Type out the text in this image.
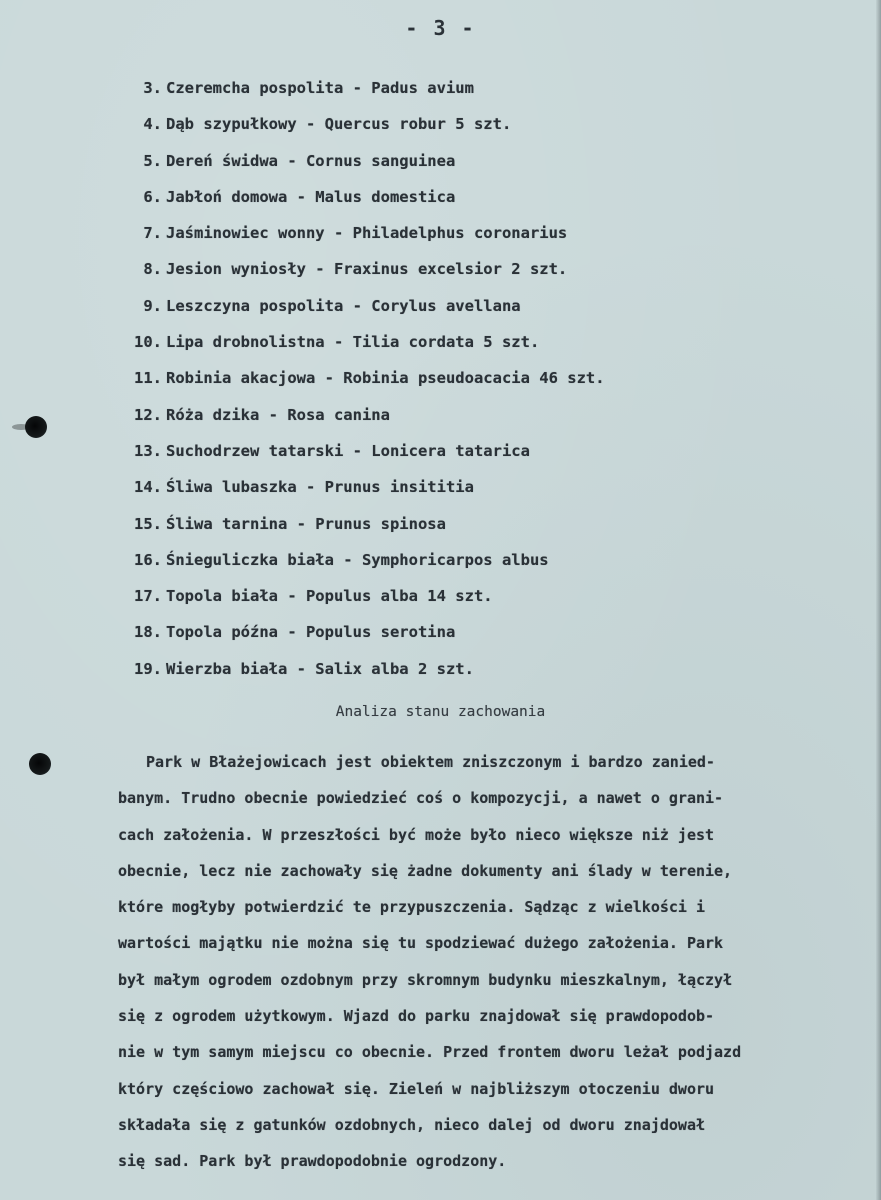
- 3 -
3. Czeremcha pospolita - Padus avium
4. Dąb szypułkowy - Quercus robur 5 szt.
5. Dereń świdwa - Cornus sanguinea
6. Jabłoń domowa - Malus domestica
7. Jaśminowiec wonny - Philadelphus coronarius
8. Jesion wyniosły - Fraxinus excelsior 2 szt.
9. Leszczyna pospolita - Corylus avellana
10. Lipa drobnolistna - Tilia cordata 5 szt.
11. Robinia akacjowa - Robinia pseudoacacia 46 szt.
12. Róża dzika - Rosa canina
13. Suchodrzew tatarski - Lonicera tatarica
14. Śliwa lubaszka - Prunus insititia
15. Śliwa tarnina - Prunus spinosa
16. Śnieguliczka biała - Symphoricarpos albus
17. Topola biała - Populus alba 14 szt.
18. Topola późna - Populus serotina
19. Wierzba biała - Salix alba 2 szt.
Analiza stanu zachowania
Park w Błażejowicach jest obiektem zniszczonym i bardzo zanied-
banym. Trudno obecnie powiedzieć coś o kompozycji, a nawet o grani-
cach założenia. W przeszłości być może było nieco większe niż jest
obecnie, lecz nie zachowały się żadne dokumenty ani ślady w terenie,
które mogłyby potwierdzić te przypuszczenia. Sądząc z wielkości i
wartości majątku nie można się tu spodziewać dużego założenia. Park
był małym ogrodem ozdobnym przy skromnym budynku mieszkalnym, łączył
się z ogrodem użytkowym. Wjazd do parku znajdował się prawdopodob-
nie w tym samym miejscu co obecnie. Przed frontem dworu leżał podjazd
który częściowo zachował się. Zieleń w najbliższym otoczeniu dworu
składała się z gatunków ozdobnych, nieco dalej od dworu znajdował
się sad. Park był prawdopodobnie ogrodzony.
